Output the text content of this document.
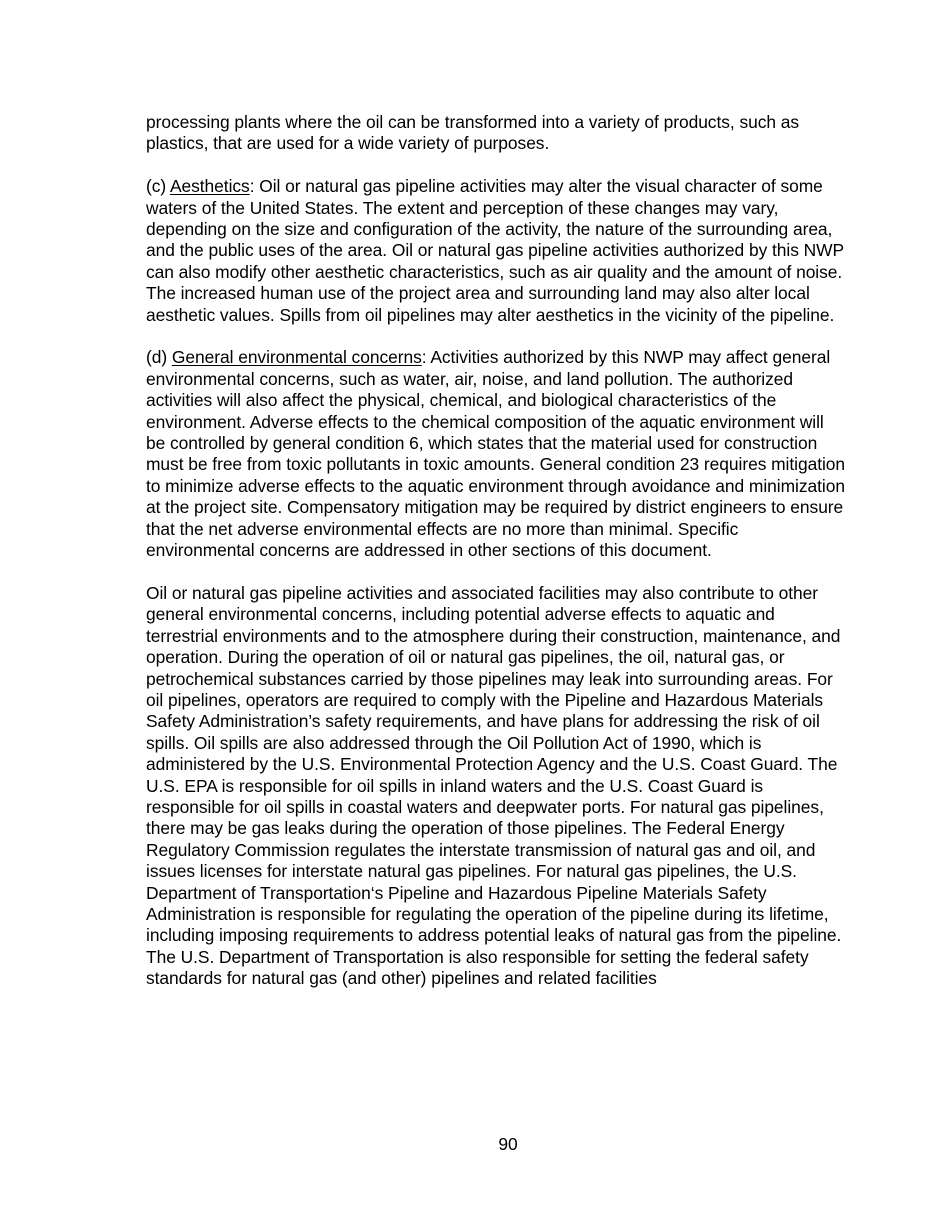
processing plants where the oil can be transformed into a variety of products, such as plastics, that are used for a wide variety of purposes.

(c) Aesthetics: Oil or natural gas pipeline activities may alter the visual character of some waters of the United States. The extent and perception of these changes may vary, depending on the size and configuration of the activity, the nature of the surrounding area, and the public uses of the area. Oil or natural gas pipeline activities authorized by this NWP can also modify other aesthetic characteristics, such as air quality and the amount of noise. The increased human use of the project area and surrounding land may also alter local aesthetic values. Spills from oil pipelines may alter aesthetics in the vicinity of the pipeline.

(d) General environmental concerns: Activities authorized by this NWP may affect general environmental concerns, such as water, air, noise, and land pollution. The authorized activities will also affect the physical, chemical, and biological characteristics of the environment. Adverse effects to the chemical composition of the aquatic environment will be controlled by general condition 6, which states that the material used for construction must be free from toxic pollutants in toxic amounts. General condition 23 requires mitigation to minimize adverse effects to the aquatic environment through avoidance and minimization at the project site. Compensatory mitigation may be required by district engineers to ensure that the net adverse environmental effects are no more than minimal. Specific environmental concerns are addressed in other sections of this document.

Oil or natural gas pipeline activities and associated facilities may also contribute to other general environmental concerns, including potential adverse effects to aquatic and terrestrial environments and to the atmosphere during their construction, maintenance, and operation. During the operation of oil or natural gas pipelines, the oil, natural gas, or petrochemical substances carried by those pipelines may leak into surrounding areas. For oil pipelines, operators are required to comply with the Pipeline and Hazardous Materials Safety Administration’s safety requirements, and have plans for addressing the risk of oil spills. Oil spills are also addressed through the Oil Pollution Act of 1990, which is administered by the U.S. Environmental Protection Agency and the U.S. Coast Guard. The U.S. EPA is responsible for oil spills in inland waters and the U.S. Coast Guard is responsible for oil spills in coastal waters and deepwater ports. For natural gas pipelines, there may be gas leaks during the operation of those pipelines. The Federal Energy Regulatory Commission regulates the interstate transmission of natural gas and oil, and issues licenses for interstate natural gas pipelines. For natural gas pipelines, the U.S. Department of Transportation‘s Pipeline and Hazardous Pipeline Materials Safety Administration is responsible for regulating the operation of the pipeline during its lifetime, including imposing requirements to address potential leaks of natural gas from the pipeline. The U.S. Department of Transportation is also responsible for setting the federal safety standards for natural gas (and other) pipelines and related facilities

90
